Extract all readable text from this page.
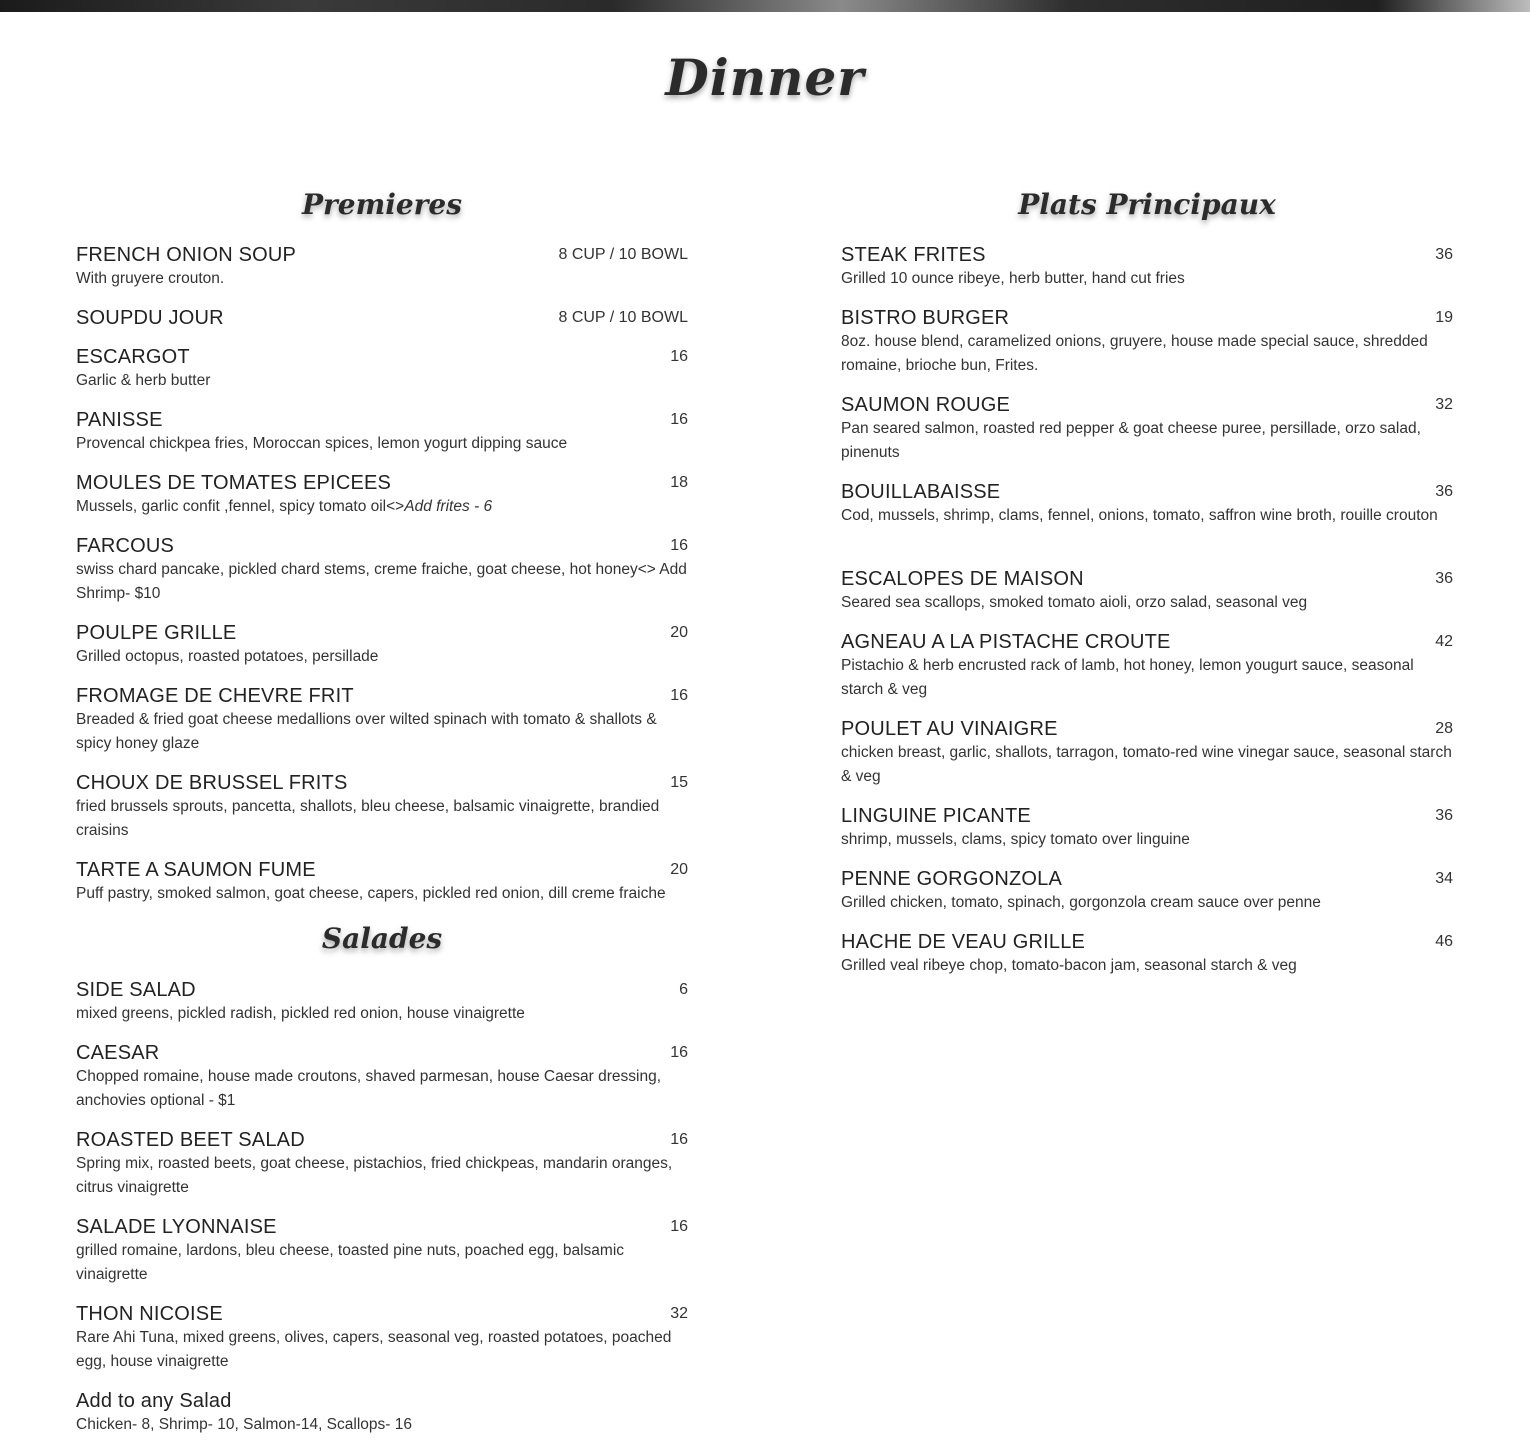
Dinner
Premieres
FRENCH ONION SOUP	8 CUP / 10 BOWL
With gruyere crouton.
SOUPDU JOUR	8 CUP / 10 BOWL
ESCARGOT	16
Garlic & herb butter
PANISSE	16
Provencal chickpea fries, Moroccan spices, lemon yogurt dipping sauce
MOULES DE TOMATES EPICEES	18
Mussels, garlic confit ,fennel, spicy tomato oil<>Add frites - 6
FARCOUS	16
swiss chard pancake, pickled chard stems, creme fraiche, goat cheese, hot honey<> Add Shrimp- $10
POULPE GRILLE	20
Grilled octopus, roasted potatoes, persillade
FROMAGE DE CHEVRE FRIT	16
Breaded & fried goat cheese medallions over wilted spinach with tomato & shallots & spicy honey glaze
CHOUX DE BRUSSEL FRITS	15
fried brussels sprouts, pancetta, shallots, bleu cheese, balsamic vinaigrette, brandied craisins
TARTE A SAUMON FUME	20
Puff pastry, smoked salmon, goat cheese, capers, pickled red onion, dill creme fraiche
Salades
SIDE SALAD	6
mixed greens, pickled radish, pickled red onion, house vinaigrette
CAESAR	16
Chopped romaine, house made croutons, shaved parmesan, house Caesar dressing, anchovies optional - $1
ROASTED BEET SALAD	16
Spring mix, roasted beets, goat cheese, pistachios, fried chickpeas, mandarin oranges, citrus vinaigrette
SALADE LYONNAISE	16
grilled romaine, lardons, bleu cheese, toasted pine nuts, poached egg, balsamic vinaigrette
THON NICOISE	32
Rare Ahi Tuna, mixed greens, olives, capers, seasonal veg, roasted potatoes, poached egg, house vinaigrette
Add to any Salad
Chicken- 8, Shrimp- 10, Salmon-14, Scallops- 16
Plats Principaux
STEAK FRITES	36
Grilled 10 ounce ribeye, herb butter, hand cut fries
BISTRO BURGER	19
8oz. house blend, caramelized onions, gruyere, house made special sauce, shredded romaine, brioche bun, Frites.
SAUMON ROUGE	32
Pan seared salmon, roasted red pepper & goat cheese puree, persillade, orzo salad, pinenuts
BOUILLABAISSE	36
Cod, mussels, shrimp, clams, fennel, onions, tomato, saffron wine broth, rouille crouton
ESCALOPES DE MAISON	36
Seared sea scallops, smoked tomato aioli, orzo salad, seasonal veg
AGNEAU A LA PISTACHE CROUTE	42
Pistachio & herb encrusted rack of lamb, hot honey, lemon yougurt sauce, seasonal starch & veg
POULET AU VINAIGRE	28
chicken breast, garlic, shallots, tarragon, tomato-red wine vinegar sauce, seasonal starch & veg
LINGUINE PICANTE	36
shrimp, mussels, clams, spicy tomato over linguine
PENNE GORGONZOLA	34
Grilled chicken, tomato, spinach, gorgonzola cream sauce over penne
HACHE DE VEAU GRILLE	46
Grilled veal ribeye chop, tomato-bacon jam, seasonal starch & veg
